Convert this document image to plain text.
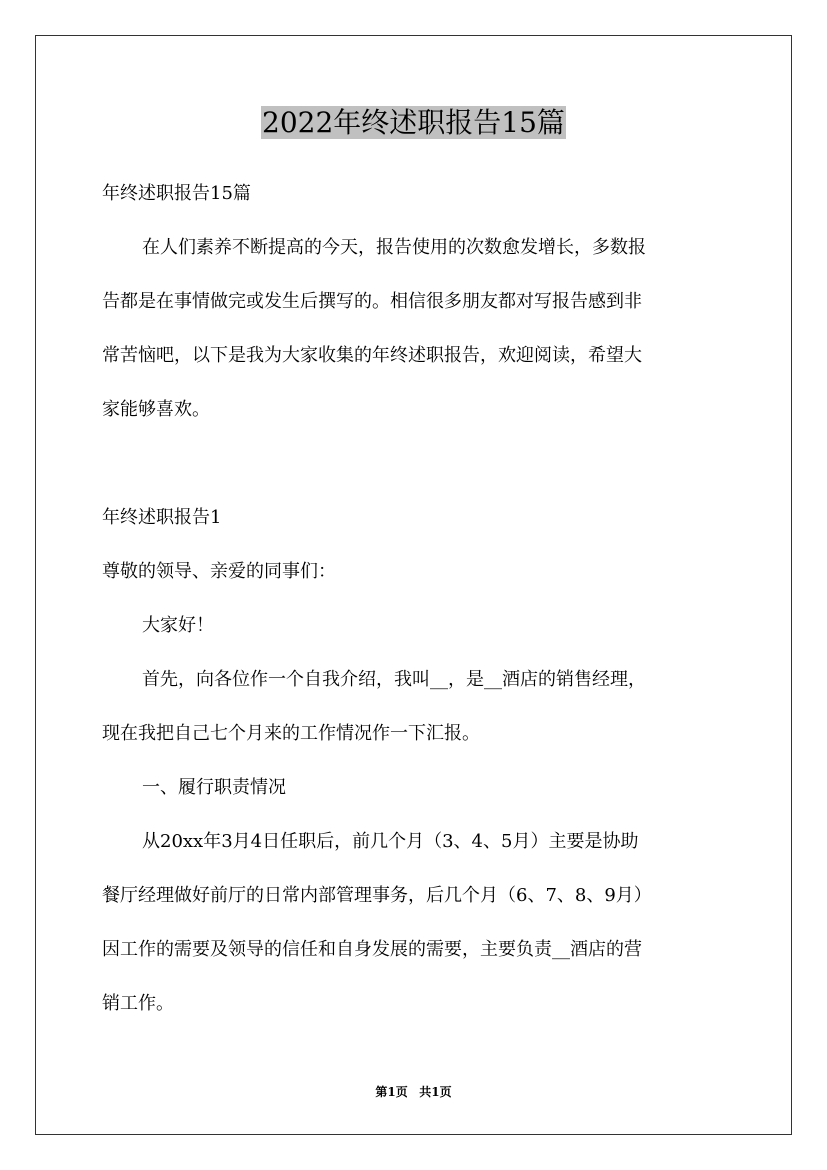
2022年终述职报告15篇

年终述职报告15篇

在人们素养不断提高的今天，报告使用的次数愈发增长，多数报

告都是在事情做完或发生后撰写的。相信很多朋友都对写报告感到非

常苦恼吧，以下是我为大家收集的年终述职报告，欢迎阅读，希望大

家能够喜欢。

年终述职报告1

尊敬的领导、亲爱的同事们：

大家好！

首先，向各位作一个自我介绍，我叫__，是__酒店的销售经理，

现在我把自己七个月来的工作情况作一下汇报。

一、履行职责情况

从20xx年3月4日任职后，前几个月（3、4、5月）主要是协助

餐厅经理做好前厅的日常内部管理事务，后几个月（6、7、8、9月）

因工作的需要及领导的信任和自身发展的需要，主要负责__酒店的营

销工作。

第1页 共1页
